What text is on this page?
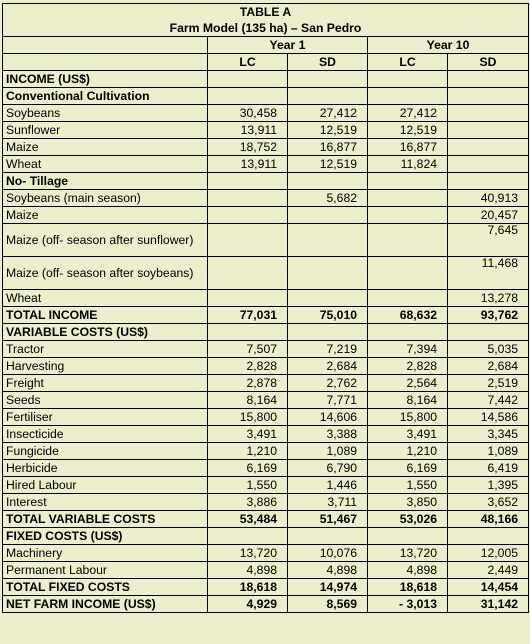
TABLE A
Farm Model (135 ha) – San Pedro				

	Year 1		Year 10	
	LC	SD	LC	SD
INCOME (US$)				
Conventional Cultivation				
Soybeans	30,458	27,412	27,412	
Sunflower	13,911	12,519	12,519	
Maize	18,752	16,877	16,877	
Wheat	13,911	12,519	11,824	
No- Tillage				
Soybeans (main season)		5,682		40,913
Maize				20,457
Maize (off- season after sunflower)				7,645
Maize (off- season after soybeans)				11,468
Wheat				13,278
TOTAL INCOME	77,031	75,010	68,632	93,762
VARIABLE COSTS (US$)				
Tractor	7,507	7,219	7,394	5,035
Harvesting	2,828	2,684	2,828	2,684
Freight	2,878	2,762	2,564	2,519
Seeds	8,164	7,771	8,164	7,442
Fertiliser	15,800	14,606	15,800	14,586
Insecticide	3,491	3,388	3,491	3,345
Fungicide	1,210	1,089	1,210	1,089
Herbicide	6,169	6,790	6,169	6,419
Hired Labour	1,550	1,446	1,550	1,395
Interest	3,886	3,711	3,850	3,652
TOTAL VARIABLE COSTS	53,484	51,467	53,026	48,166
FIXED COSTS (US$)				
Machinery	13,720	10,076	13,720	12,005
Permanent Labour	4,898	4,898	4,898	2,449
TOTAL FIXED COSTS	18,618	14,974	18,618	14,454
NET FARM INCOME (US$)	4,929	8,569	- 3,013	31,142
